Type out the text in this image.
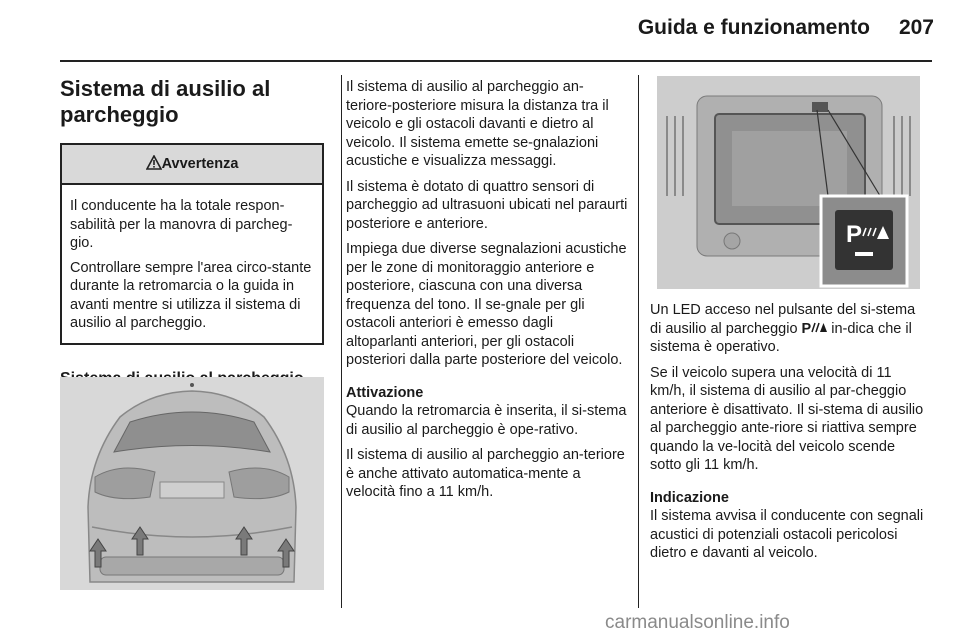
Guida e funzionamento	207
Sistema di ausilio al
parcheggio
Avvertenza

Il conducente ha la totale respon-sabilità per la manovra di parcheg-gio.

Controllare sempre l'area circo-stante durante la retromarcia o la guida in avanti mentre si utilizza il sistema di ausilio al parcheggio.

Il sistema di ausilio al parcheggio an-teriore-posteriore misura la distanza tra il veicolo e gli ostacoli davanti e dietro al veicolo. Il sistema emette se-gnalazioni acustiche e visualizza messaggi.

Il sistema è dotato di quattro sensori di parcheggio ad ultrasuoni ubicati nel paraurti posteriore e anteriore.

Impiega due diverse segnalazioni acustiche per le zone di monitoraggio anteriore e posteriore, ciascuna con una diversa frequenza del tono. Il se-gnale per gli ostacoli anteriori è emesso dagli altoparlanti anteriori, per gli ostacoli posteriori dalla parte posteriore del veicolo.

Attivazione

Quando la retromarcia è inserita, il si-stema di ausilio al parcheggio è ope-rativo.

Il sistema di ausilio al parcheggio an-teriore è anche attivato automatica-mente a velocità fino a 11 km/h.

P

Un LED acceso nel pulsante del si-stema di ausilio al parcheggio P in-dica che il sistema è operativo.

Se il veicolo supera una velocità di 11 km/h, il sistema di ausilio al par-cheggio anteriore è disattivato. Il si-stema di ausilio al parcheggio ante-riore si riattiva sempre quando la ve-locità del veicolo scende sotto gli 11 km/h.

Indicazione

Il sistema avvisa il conducente con segnali acustici di potenziali ostacoli pericolosi dietro e davanti al veicolo.

carmanualsonline.info
